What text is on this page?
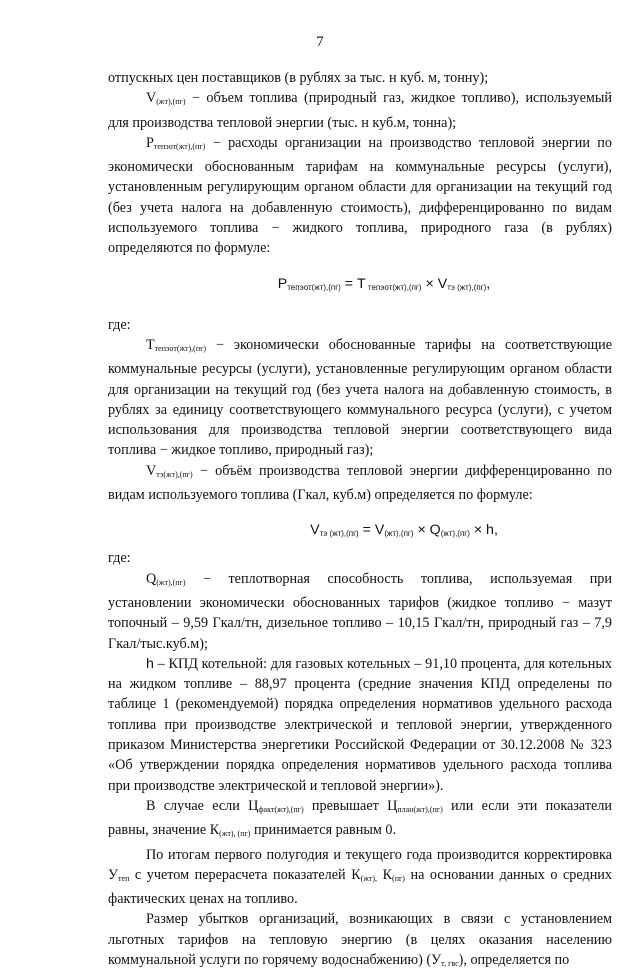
7

отпускных цен поставщиков (в рублях за тыс. н куб. м, тонну);

$V_{(жт),(пг)}$ − объем топлива (природный газ, жидкое топливо), используемый для производства тепловой энергии (тыс. н куб.м, тонна);

$Р_{тепэот(жт),(пг)}$ − расходы организации на производство тепловой энергии по экономически обоснованным тарифам на коммунальные ресурсы (услуги), установленным регулирующим органом области для организации на текущий год (без учета налога на добавленную стоимость), дифференцированно по видам используемого топлива − жидкого топлива, природного газа (в рублях) определяются по формуле:

$Р_{тепэот(жт),(пг)} = Т$ $_{тепэот(жт),(пг)} \times V_{тэ (жт),(пг)}$,

где:

$Т_{тепэот(жт),(пг)}$ − экономически обоснованные тарифы на соответствующие коммунальные ресурсы (услуги), установленные регулирующим органом области для организации на текущий год (без учета налога на добавленную стоимость, в рублях за единицу соответствующего коммунального ресурса (услуги), с учетом использования для производства тепловой энергии соответствующего вида топлива − жидкое топливо, природный газ);

$V_{тэ(жт),(пг)}$ − объём производства тепловой энергии дифференцированно по видам используемого топлива (Гкал, куб.м) определяется по формуле:

$V_{тэ (жт),(пг)} = V_{(жт),(пг)} \times Q_{(жт),(пг)} \times h$,

где:

$Q_{(жт),(пг)}$ − теплотворная способность топлива, используемая при установлении экономически обоснованных тарифов (жидкое топливо − мазут топочный – 9,59 Гкал/тн, дизельное топливо – 10,15 Гкал/тн, природный газ – 7,9 Гкал/тыс.куб.м);

h – КПД котельной: для газовых котельных – 91,10 процента, для котельных на жидком топливе – 88,97 процента (средние значения КПД определены по таблице 1 (рекомендуемой) порядка определения нормативов удельного расхода топлива при производстве электрической и тепловой энергии, утвержденного приказом Министерства энергетики Российской Федерации от 30.12.2008 № 323 «Об утверждении порядка определения нормативов удельного расхода топлива при производстве электрической и тепловой энергии»).

В случае если $Ц_{факт(жт),(пг)}$ превышает $Ц_{план(жт),(пг)}$ или если эти показатели равны, значение $К_{(жт), (пг)}$ принимается равным 0.

По итогам первого полугодия и текущего года производится корректировка $У_{теп}$ с учетом перерасчета показателей $К_{(жт),}$ $К_{(пг)}$ на основании данных о средних фактических ценах на топливо.

Размер убытков организаций, возникающих в связи с установлением льготных тарифов на тепловую энергию (в целях оказания населению коммунальной услуги по горячему водоснабжению) $(У_{т, гвс})$, определяется по
